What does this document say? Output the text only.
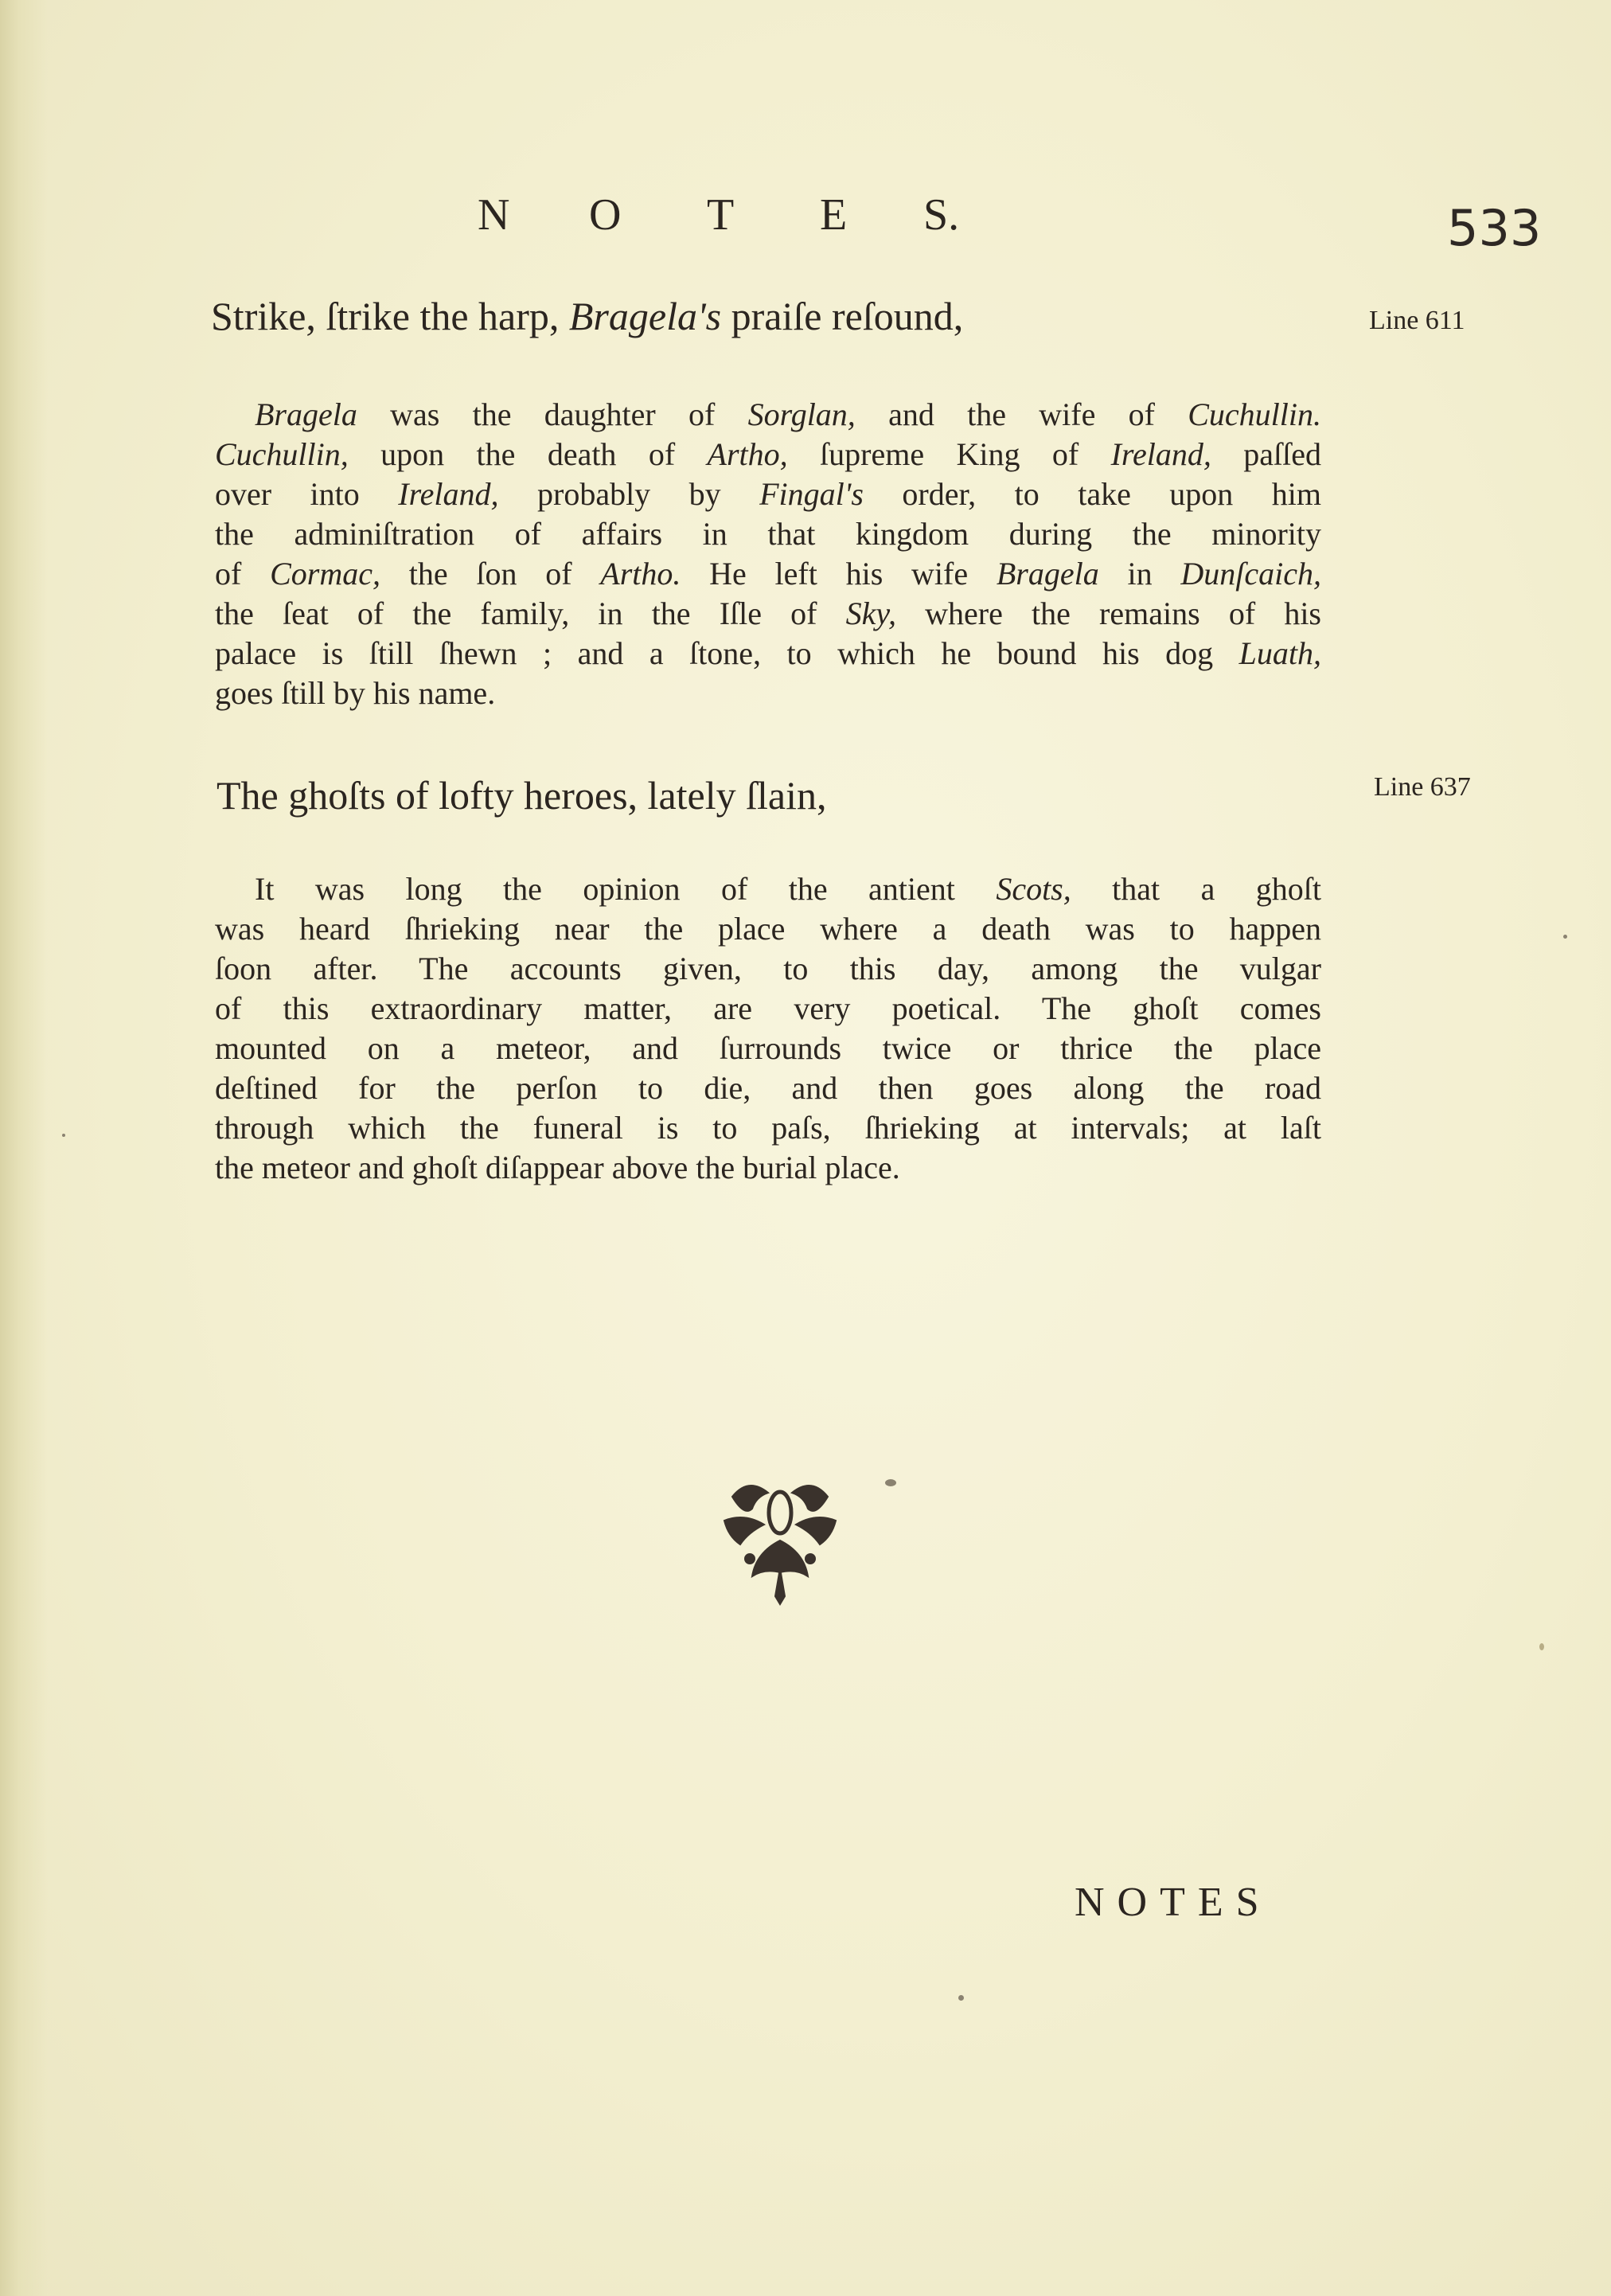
N O T E S.	533
Strike, ſtrike the harp, Bragela's praiſe reſound,	Line 611
Bragela was the daughter of Sorglan, and the wife of Cuchullin.
Cuchullin, upon the death of Artho, ſupreme King of Ireland, paſſed
over into Ireland, probably by Fingal's order, to take upon him
the adminiſtration of affairs in that kingdom during the minority
of Cormac, the ſon of Artho. He left his wife Bragela in Dunſcaich,
the ſeat of the family, in the Iſle of Sky, where the remains of his
palace is ſtill ſhewn ; and a ſtone, to which he bound his dog Luath,
goes ſtill by his name.
The ghoſts of lofty heroes, lately ſlain,	Line 637
It was long the opinion of the antient Scots, that a ghoſt
was heard ſhrieking near the place where a death was to happen
ſoon after. The accounts given, to this day, among the vulgar
of this extraordinary matter, are very poetical. The ghoſt comes
mounted on a meteor, and ſurrounds twice or thrice the place
deſtined for the perſon to die, and then goes along the road
through which the funeral is to paſs, ſhrieking at intervals; at laſt
the meteor and ghoſt diſappear above the burial place.
NOTES
